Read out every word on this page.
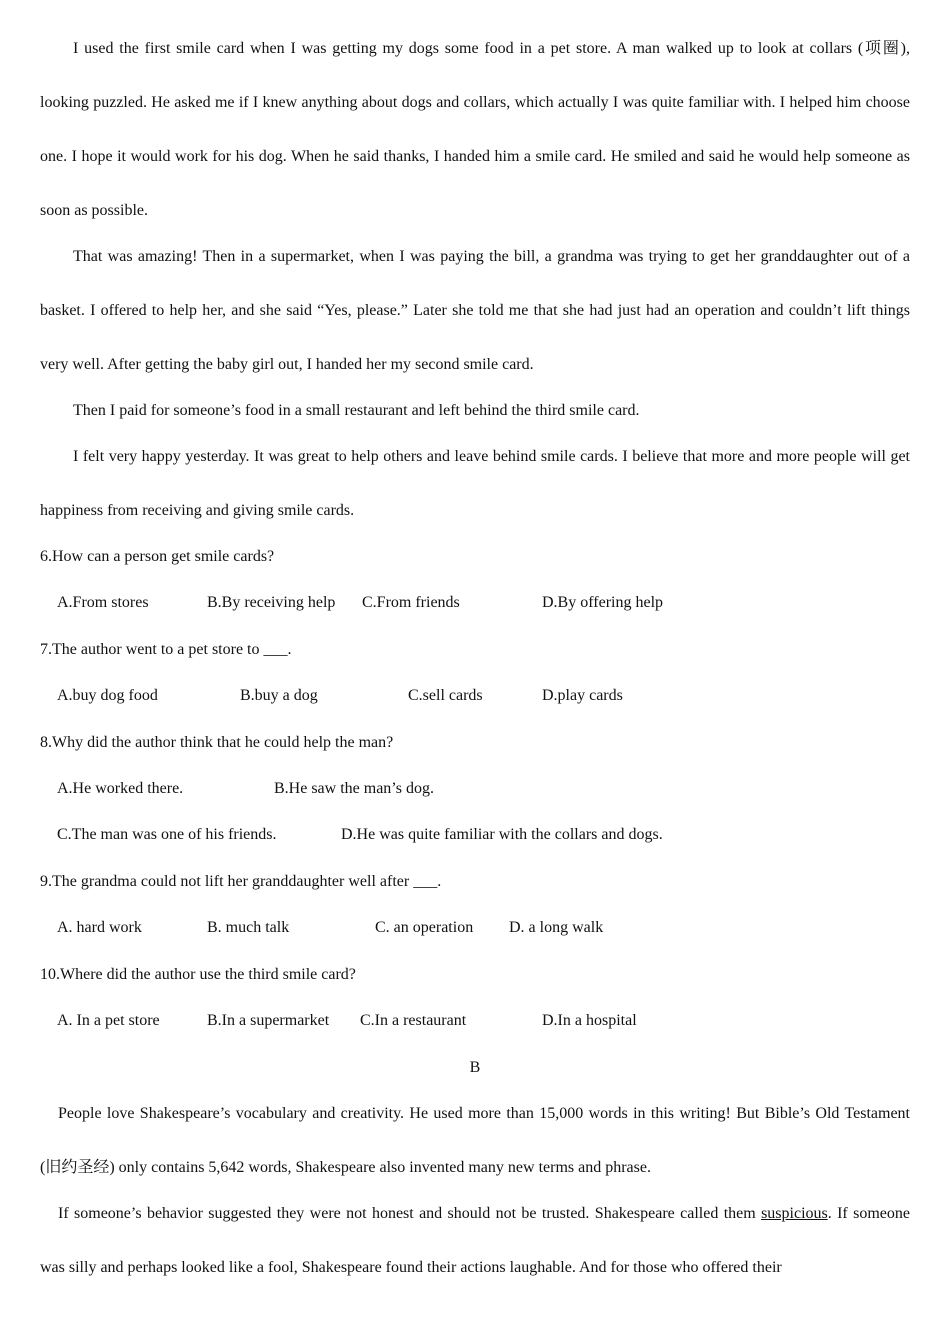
I used the first smile card when I was getting my dogs some food in a pet store. A man walked up to look at collars (项圈), looking puzzled. He asked me if I knew anything about dogs and collars, which actually I was quite familiar with. I helped him choose one. I hope it would work for his dog. When he said thanks, I handed him a smile card. He smiled and said he would help someone as soon as possible.

That was amazing! Then in a supermarket, when I was paying the bill, a grandma was trying to get her granddaughter out of a basket. I offered to help her, and she said “Yes, please.” Later she told me that she had just had an operation and couldn’t lift things very well. After getting the baby girl out, I handed her my second smile card.

Then I paid for someone’s food in a small restaurant and left behind the third smile card.

I felt very happy yesterday. It was great to help others and leave behind smile cards. I believe that more and more people will get happiness from receiving and giving smile cards.

6.How can a person get smile cards?
A.From stores	B.By receiving help C.From friends	D.By offering help
7.The author went to a pet store to ___.
A.buy dog food	B.buy a dog	C.sell cards	D.play cards
8.Why did the author think that he could help the man?
A.He worked there.	B.He saw the man’s dog.
C.The man was one of his friends.	D.He was quite familiar with the collars and dogs.
9.The grandma could not lift her granddaughter well after ___.
A. hard work	B. much talk	C. an operation D. a long walk
10.Where did the author use the third smile card?
A. In a pet store	B.In a supermarket C.In a restaurant	D.In a hospital
B

People love Shakespeare’s vocabulary and creativity. He used more than 15,000 words in this writing! But Bible’s Old Testament (旧约圣经) only contains 5,642 words, Shakespeare also invented many new terms and phrase.

If someone’s behavior suggested they were not honest and should not be trusted. Shakespeare called them suspicious. If someone was silly and perhaps looked like a fool, Shakespeare found their actions laughable. And for those who offered their
